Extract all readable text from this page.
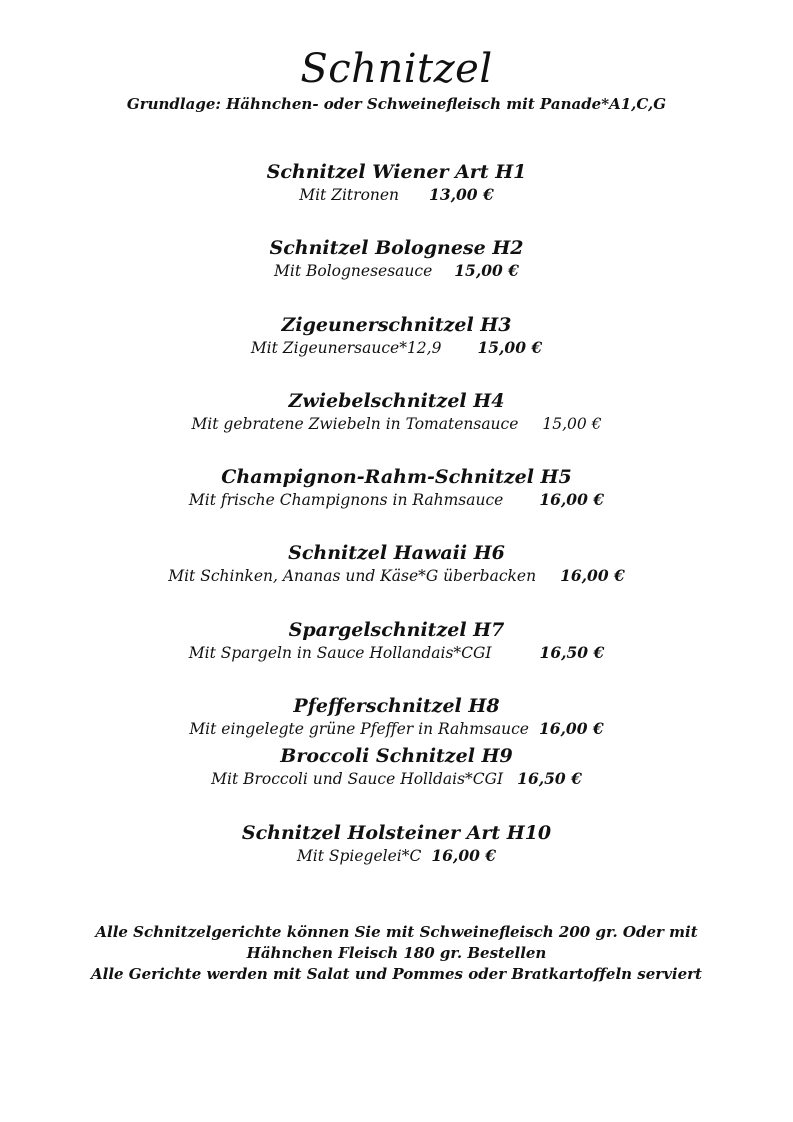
Schnitzel
Grundlage: Hähnchen- oder Schweinefleisch mit Panade*A1,C,G
Schnitzel Wiener Art H1
Mit Zitronen 13,00 €
Schnitzel Bolognese H2
Mit Bolognesesauce 15,00 €
Zigeunerschnitzel H3
Mit Zigeunersauce*12,9 15,00 €
Zwiebelschnitzel H4
Mit gebratene Zwiebeln in Tomatensauce 15,00 €
Champignon-Rahm-Schnitzel H5
Mit frische Champignons in Rahmsauce 16,00 €
Schnitzel Hawaii H6
Mit Schinken, Ananas und Käse*G überbacken 16,00 €
Spargelschnitzel H7
Mit Spargeln in Sauce Hollandais*CGI	16,50 €
Pfefferschnitzel H8
Mit eingelegte grüne Pfeffer in Rahmsauce 16,00 €
Broccoli Schnitzel H9
Mit Broccoli und Sauce Holldais*CGI 16,50 €
Schnitzel Holsteiner Art H10
Mit Spiegelei*C 16,00 €
Alle Schnitzelgerichte können Sie mit Schweinefleisch 200 gr. Oder mit
Hähnchen Fleisch 180 gr. Bestellen
Alle Gerichte werden mit Salat und Pommes oder Bratkartoffeln serviert
